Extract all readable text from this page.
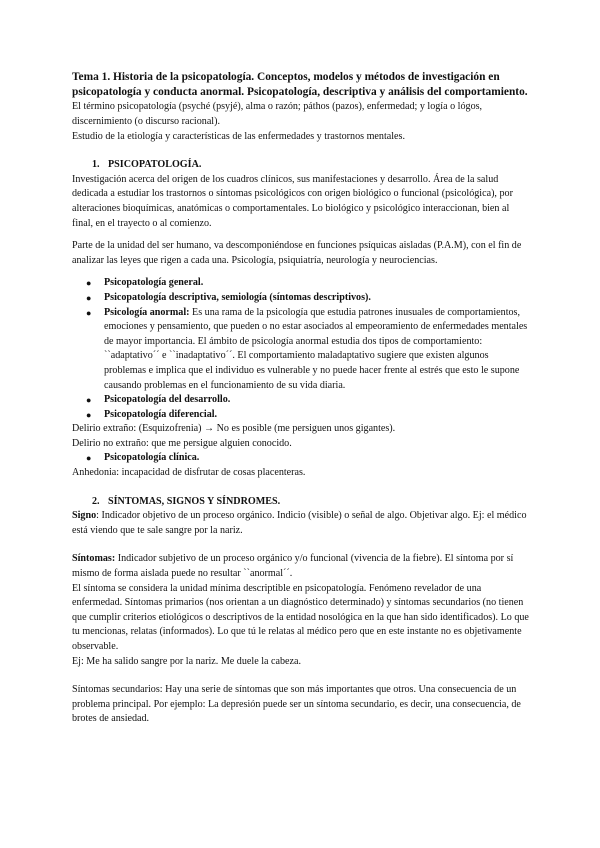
Tema 1. Historia de la psicopatología. Conceptos, modelos y métodos de investigación en psicopatología y conducta anormal. Psicopatología, descriptiva y análisis del comportamiento.

El término psicopatología (psyché (psyjé), alma o razón; páthos (pazos), enfermedad; y logía o lógos, discernimiento (o discurso racional).

Estudio de la etiología y características de las enfermedades y trastornos mentales.

1. PSICOPATOLOGÍA.

Investigación acerca del origen de los cuadros clínicos, sus manifestaciones y desarrollo. Área de la salud dedicada a estudiar los trastornos o síntomas psicológicos con origen biológico o funcional (psicológica), por alteraciones bioquímicas, anatómicas o comportamentales. Lo biológico y psicológico interaccionan, bien al final, en el trayecto o al comienzo.

Parte de la unidad del ser humano, va descomponiéndose en funciones psíquicas aisladas (P.A.M), con el fin de analizar las leyes que rigen a cada una. Psicología, psiquiatría, neurología y neurociencias.

● Psicopatología general.
● Psicopatología descriptiva, semiología (síntomas descriptivos).
● Psicología anormal: Es una rama de la psicología que estudia patrones inusuales de comportamientos, emociones y pensamiento, que pueden o no estar asociados al empeoramiento de enfermedades mentales de mayor importancia. El ámbito de psicología anormal estudia dos tipos de comportamiento: ``adaptativo´´ e ``inadaptativo´´. El comportamiento maladaptativo sugiere que existen algunos problemas e implica que el individuo es vulnerable y no puede hacer frente al estrés que esto le supone causando problemas en el funcionamiento de su vida diaria.
● Psicopatología del desarrollo.
● Psicopatología diferencial.

Delirio extraño: (Esquizofrenia) → No es posible (me persiguen unos gigantes).

Delirio no extraño: que me persigue alguien conocido.

● Psicopatología clínica.

Anhedonia: incapacidad de disfrutar de cosas placenteras.

2. SÍNTOMAS, SIGNOS Y SÍNDROMES.

Signo: Indicador objetivo de un proceso orgánico. Indicio (visible) o señal de algo. Objetivar algo. Ej: el médico está viendo que te sale sangre por la nariz.

Síntomas: Indicador subjetivo de un proceso orgánico y/o funcional (vivencia de la fiebre). El síntoma por sí mismo de forma aislada puede no resultar ``anormal´´.

El síntoma se considera la unidad mínima descriptible en psicopatología. Fenómeno revelador de una enfermedad. Síntomas primarios (nos orientan a un diagnóstico determinado) y síntomas secundarios (no tienen que cumplir criterios etiológicos o descriptivos de la entidad nosológica en la que han sido identificados). Lo que tu mencionas, relatas (informados). Lo que tú le relatas al médico pero que en este instante no es objetivamente observable.

Ej: Me ha salido sangre por la nariz. Me duele la cabeza.

Síntomas secundarios: Hay una serie de síntomas que son más importantes que otros. Una consecuencia de un problema principal. Por ejemplo: La depresión puede ser un síntoma secundario, es decir, una consecuencia, de brotes de ansiedad.
